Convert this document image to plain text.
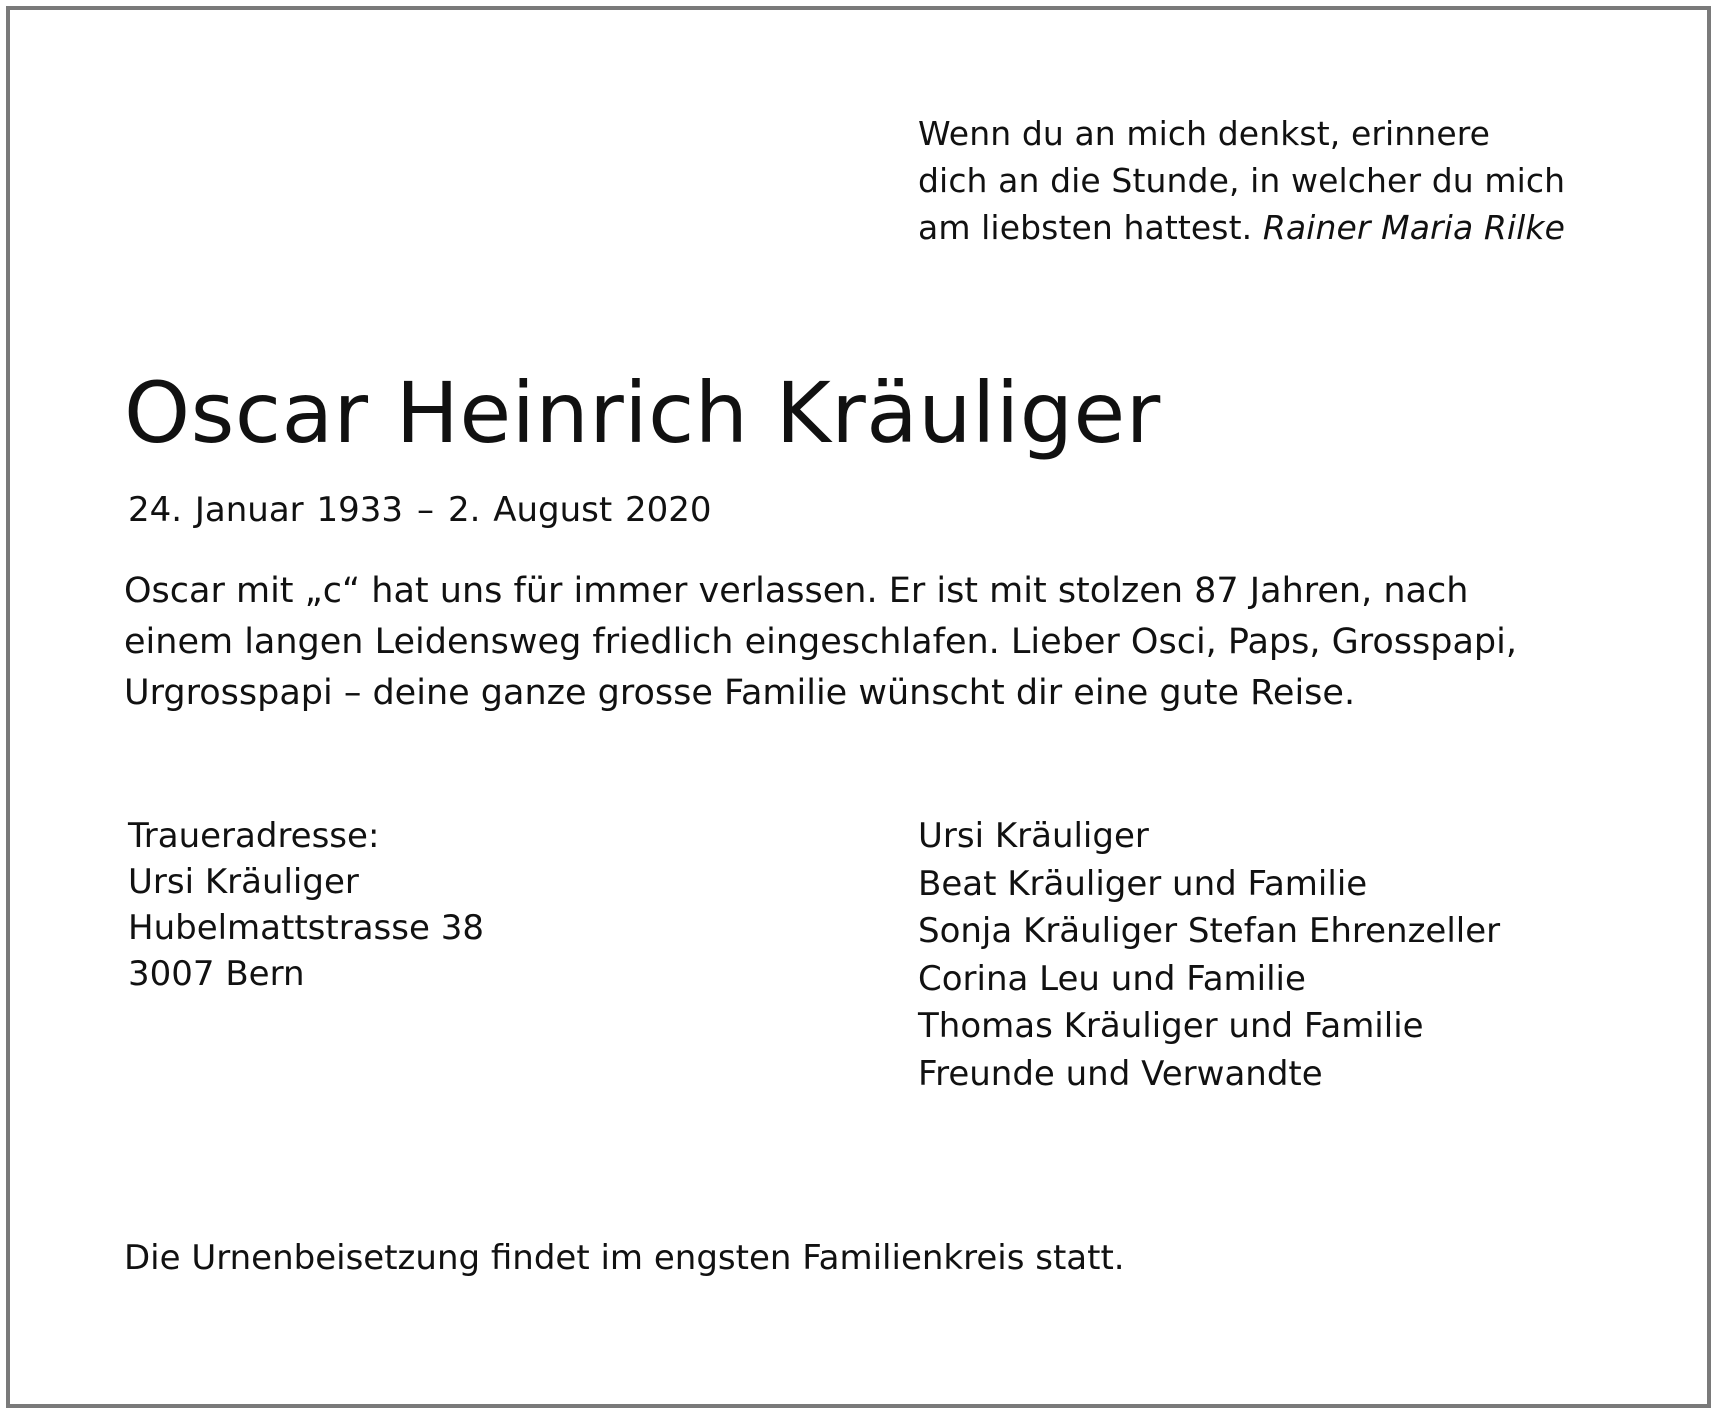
Wenn du an mich denkst, erinnere
dich an die Stunde, in welcher du mich
am liebsten hattest. Rainer Maria Rilke
Oscar Heinrich Kräuliger
24. Januar 1933 – 2. August 2020
Oscar mit „c“ hat uns für immer verlassen. Er ist mit stolzen 87 Jahren, nach
einem langen Leidensweg friedlich eingeschlafen. Lieber Osci, Paps, Grosspapi,
Urgrosspapi – deine ganze grosse Familie wünscht dir eine gute Reise.
Traueradresse:
Ursi Kräuliger
Hubelmattstrasse 38
3007 Bern
Ursi Kräuliger
Beat Kräuliger und Familie
Sonja Kräuliger Stefan Ehrenzeller
Corina Leu und Familie
Thomas Kräuliger und Familie
Freunde und Verwandte
Die Urnenbeisetzung findet im engsten Familienkreis statt.
